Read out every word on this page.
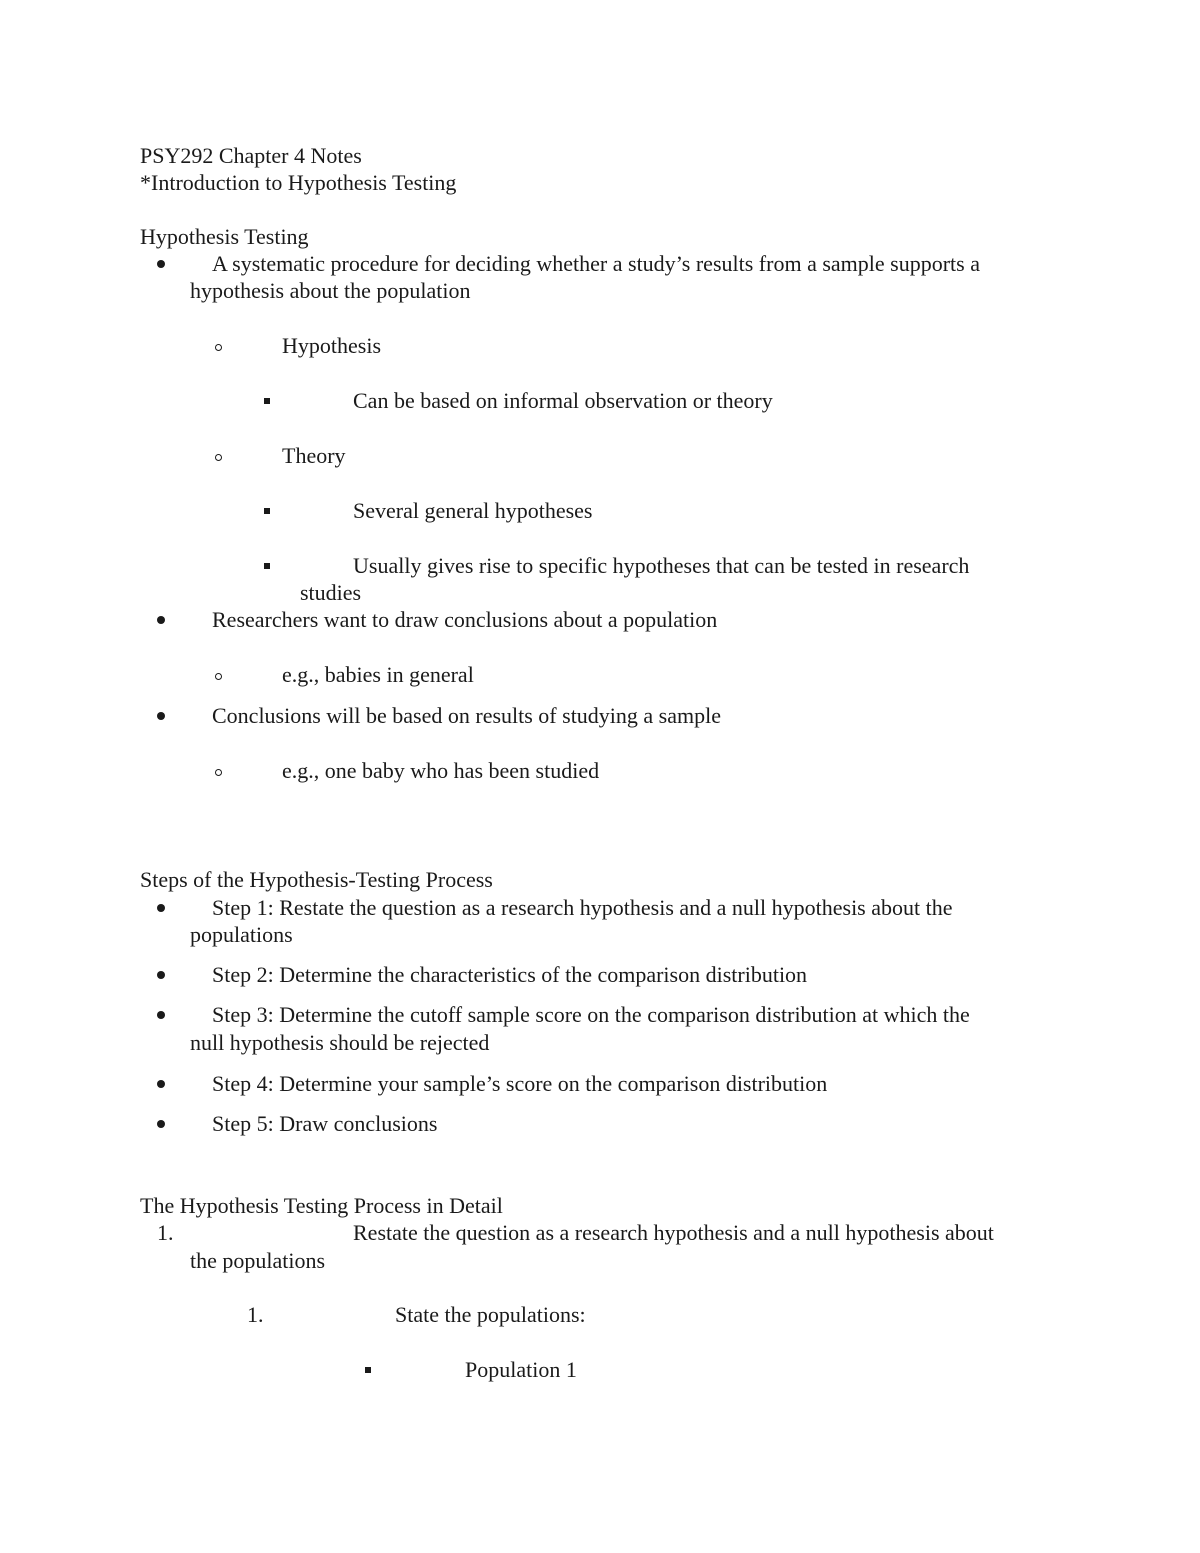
PSY292 Chapter 4 Notes
*Introduction to Hypothesis Testing
Hypothesis Testing
A systematic procedure for deciding whether a study’s results from a sample supports a
hypothesis about the population
Hypothesis
Can be based on informal observation or theory
Theory
Several general hypotheses
Usually gives rise to specific hypotheses that can be tested in research
studies
Researchers want to draw conclusions about a population
e.g., babies in general
Conclusions will be based on results of studying a sample
e.g., one baby who has been studied
Steps of the Hypothesis-Testing Process
Step 1: Restate the question as a research hypothesis and a null hypothesis about the
populations
Step 2: Determine the characteristics of the comparison distribution
Step 3: Determine the cutoff sample score on the comparison distribution at which the
null hypothesis should be rejected
Step 4: Determine your sample’s score on the comparison distribution
Step 5: Draw conclusions
The Hypothesis Testing Process in Detail
1.	Restate the question as a research hypothesis and a null hypothesis about
the populations
1.	State the populations:
Population 1
